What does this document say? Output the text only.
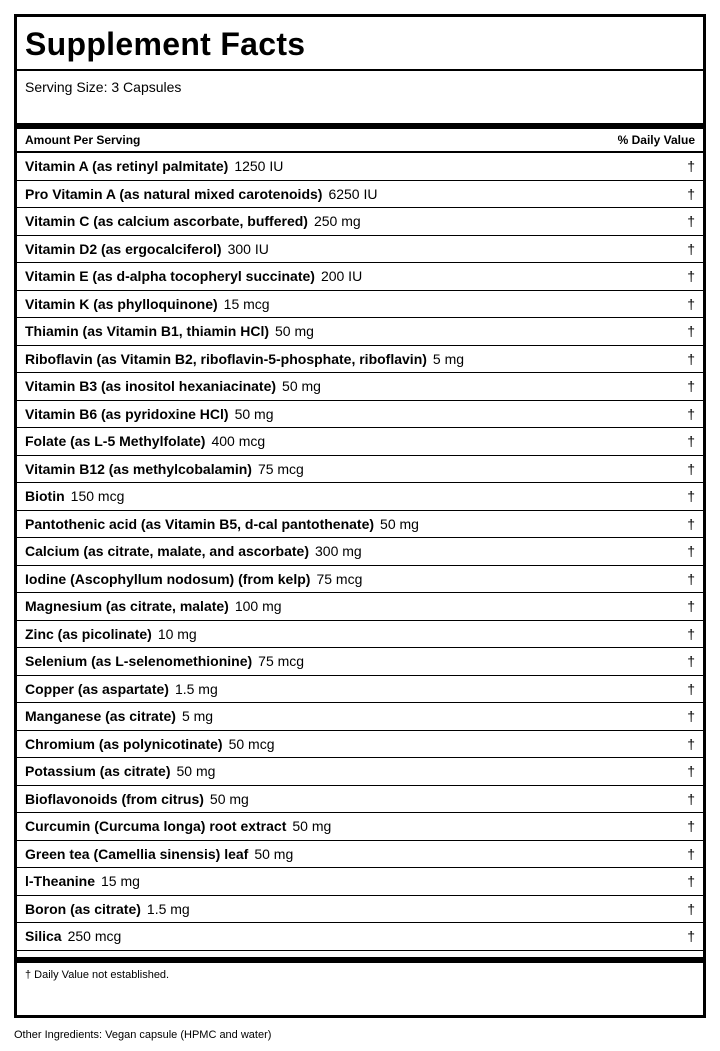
Supplement Facts
Serving Size: 3 Capsules
Amount Per Serving	% Daily Value
Vitamin A (as retinyl palmitate) 1250 IU	†
Pro Vitamin A (as natural mixed carotenoids) 6250 IU	†
Vitamin C (as calcium ascorbate, buffered) 250 mg	†
Vitamin D2 (as ergocalciferol) 300 IU	†
Vitamin E (as d-alpha tocopheryl succinate) 200 IU	†
Vitamin K (as phylloquinone) 15 mcg	†
Thiamin (as Vitamin B1, thiamin HCl) 50 mg	†
Riboflavin (as Vitamin B2, riboflavin-5-phosphate, riboflavin) 5 mg	†
Vitamin B3 (as inositol hexaniacinate) 50 mg	†
Vitamin B6 (as pyridoxine HCl) 50 mg	†
Folate (as L-5 Methylfolate) 400 mcg	†
Vitamin B12 (as methylcobalamin) 75 mcg	†
Biotin 150 mcg	†
Pantothenic acid (as Vitamin B5, d-cal pantothenate) 50 mg	†
Calcium (as citrate, malate, and ascorbate) 300 mg	†
Iodine (Ascophyllum nodosum) (from kelp) 75 mcg	†
Magnesium (as citrate, malate) 100 mg	†
Zinc (as picolinate) 10 mg	†
Selenium (as L-selenomethionine) 75 mcg	†
Copper (as aspartate) 1.5 mg	†
Manganese (as citrate) 5 mg	†
Chromium (as polynicotinate) 50 mcg	†
Potassium (as citrate) 50 mg	†
Bioflavonoids (from citrus) 50 mg	†
Curcumin (Curcuma longa) root extract 50 mg	†
Green tea (Camellia sinensis) leaf 50 mg	†
l-Theanine 15 mg	†
Boron (as citrate) 1.5 mg	†
Silica 250 mcg	†
† Daily Value not established.
Other Ingredients: Vegan capsule (HPMC and water)
